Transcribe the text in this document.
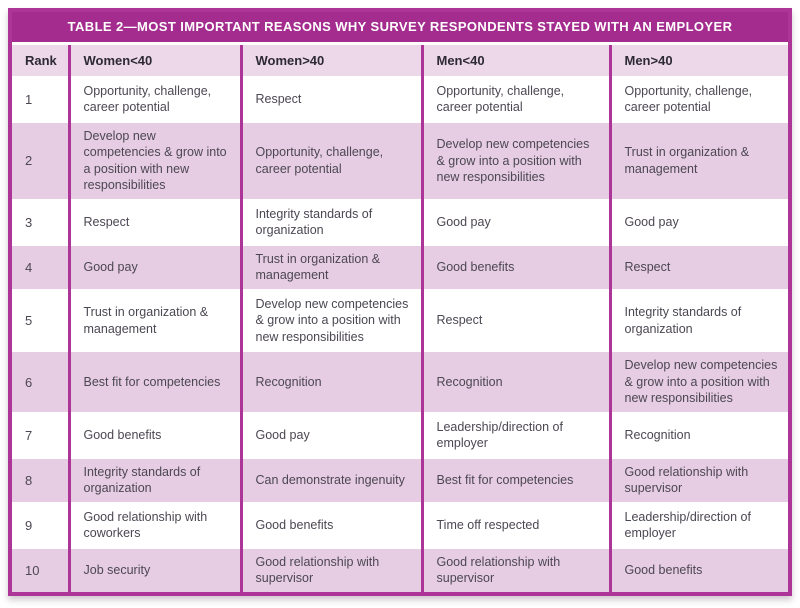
TABLE 2—MOST IMPORTANT REASONS WHY SURVEY RESPONDENTS STAYED WITH AN EMPLOYER
Rank	Women<40	Women>40	Men<40	Men>40
1	Opportunity, challenge, career potential	Respect	Opportunity, challenge, career potential	Opportunity, challenge, career potential
2	Develop new competencies & grow into a position with new responsibilities	Opportunity, challenge, career potential	Develop new competencies & grow into a position with new responsibilities	Trust in organization & management
3	Respect	Integrity standards of organization	Good pay	Good pay
4	Good pay	Trust in organization & management	Good benefits	Respect
5	Trust in organization & management	Develop new competencies & grow into a position with new responsibilities	Respect	Integrity standards of organization
6	Best fit for competencies	Recognition	Recognition	Develop new competencies & grow into a position with new responsibilities
7	Good benefits	Good pay	Leadership/direction of employer	Recognition
8	Integrity standards of organization	Can demonstrate ingenuity	Best fit for competencies	Good relationship with supervisor
9	Good relationship with coworkers	Good benefits	Time off respected	Leadership/direction of employer
10	Job security	Good relationship with supervisor	Good relationship with supervisor	Good benefits
